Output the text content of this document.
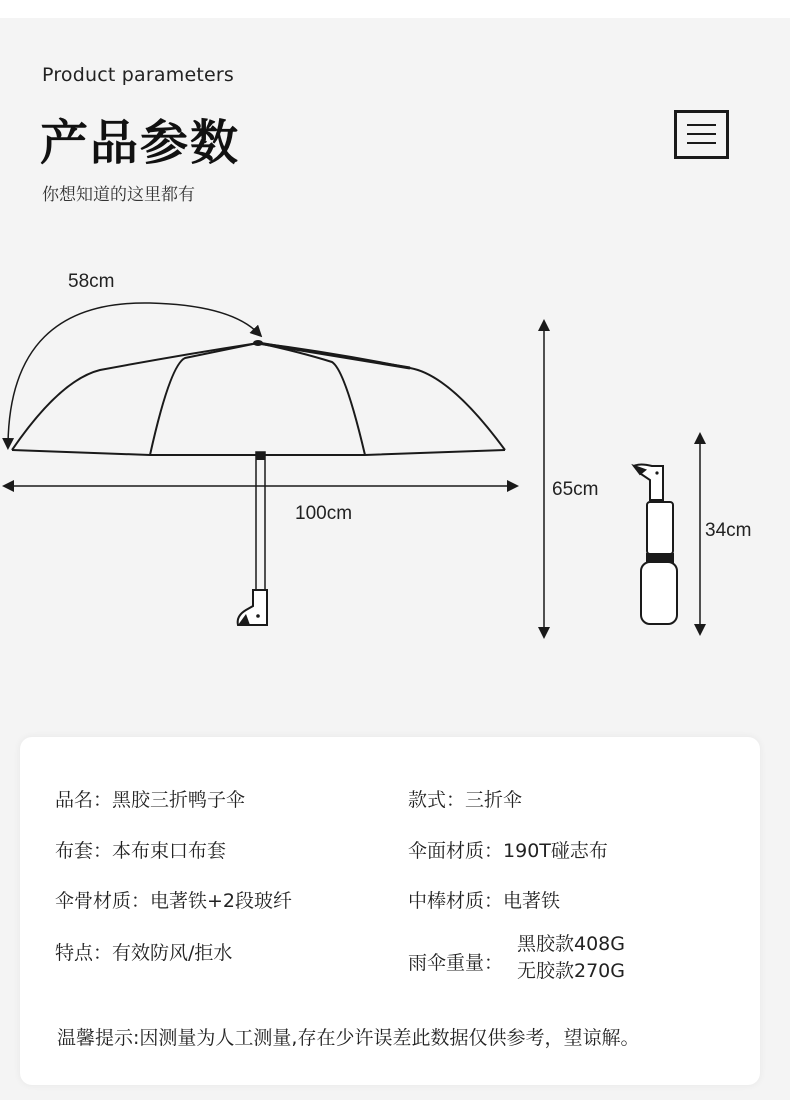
Product parameters
产品参数
你想知道的这里都有
58cm
100cm
65cm
34cm
品名：黑胶三折鸭子伞	款式：三折伞
布套：本布束口布套	伞面材质：190T碰志布
伞骨材质：电著铁+2段玻纤	中棒材质：电著铁
特点：有效防风/拒水	雨伞重量：
黑胶款408G
无胶款270G
温馨提示:因测量为人工测量,存在少许误差此数据仅供参考，望谅解。
